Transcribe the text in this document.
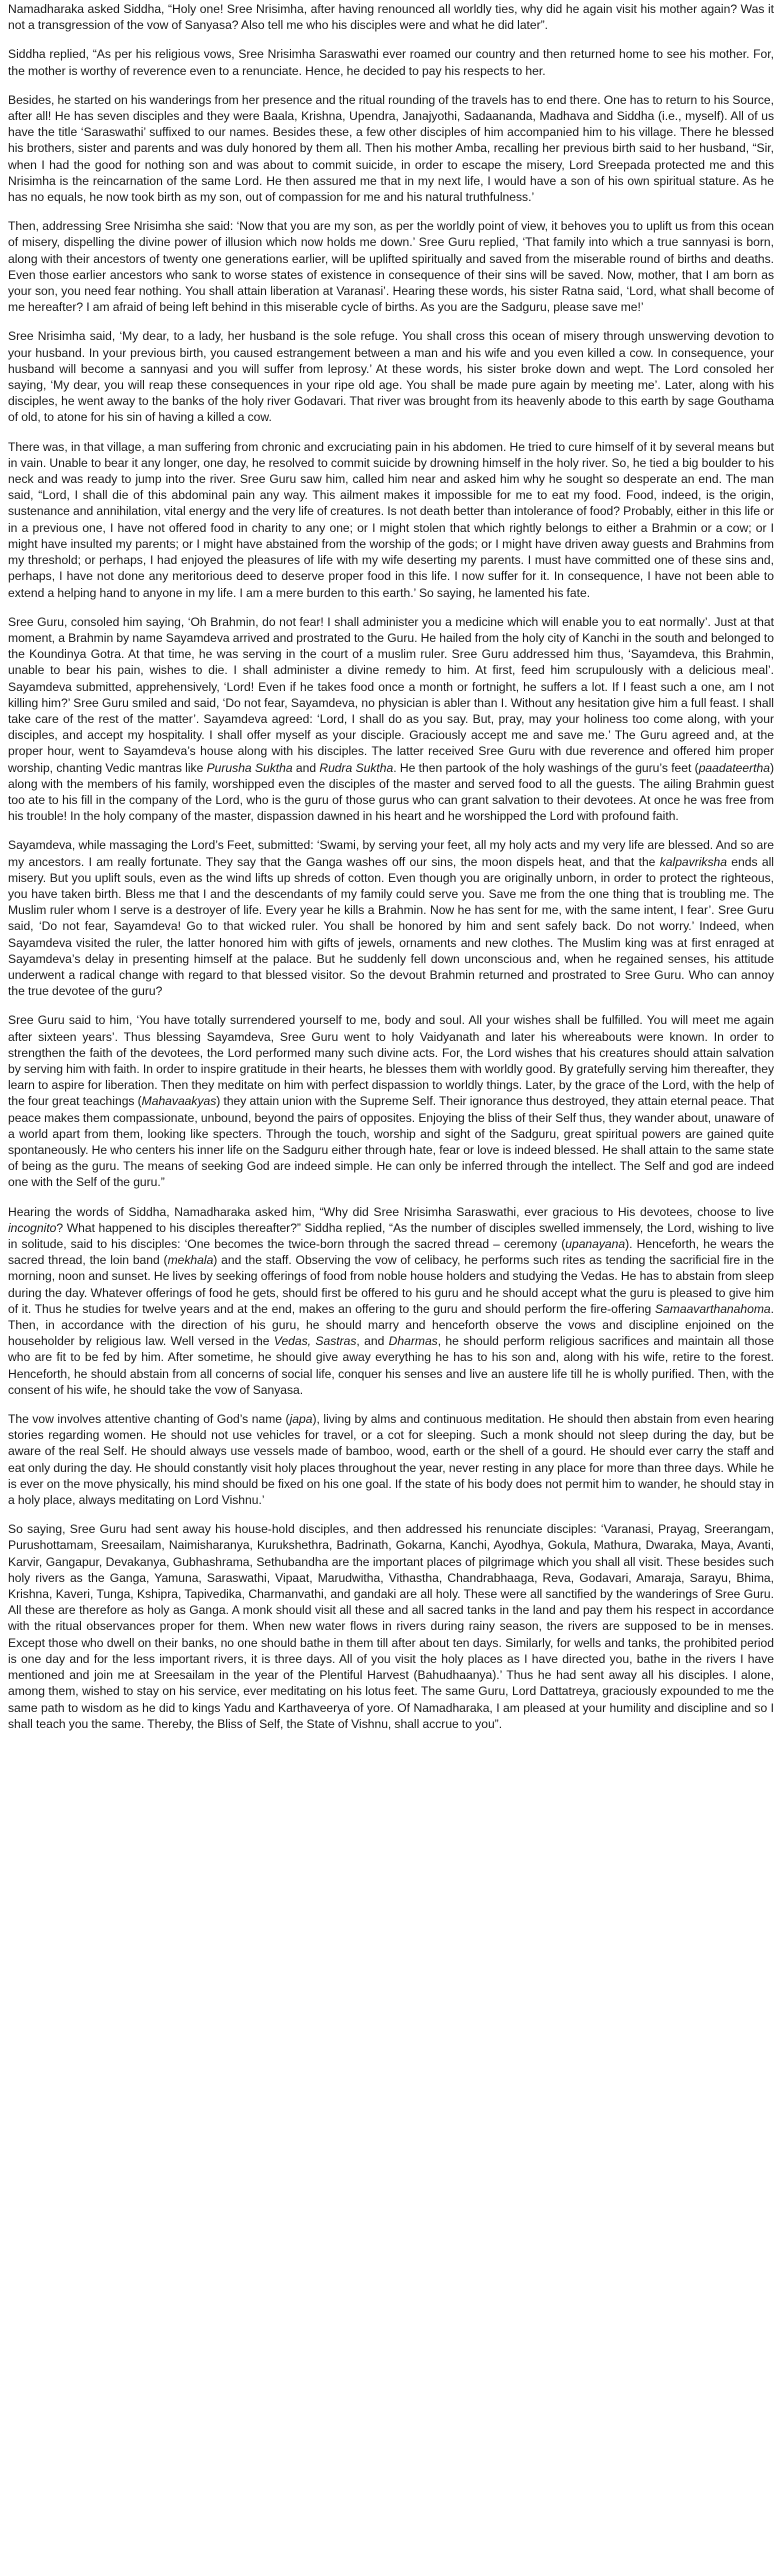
Namadharaka asked Siddha, “Holy one! Sree Nrisimha, after having renounced all worldly ties, why did he again visit his mother again? Was it not a transgression of the vow of Sanyasa? Also tell me who his disciples were and what he did later”.

Siddha replied, “As per his religious vows, Sree Nrisimha Saraswathi ever roamed our country and then returned home to see his mother. For, the mother is worthy of reverence even to a renunciate. Hence, he decided to pay his respects to her.

Besides, he started on his wanderings from her presence and the ritual rounding of the travels has to end there. One has to return to his Source, after all! He has seven disciples and they were Baala, Krishna, Upendra, Janajyothi, Sadaananda, Madhava and Siddha (i.e., myself). All of us have the title ‘Saraswathi’ suffixed to our names. Besides these, a few other disciples of him accompanied him to his village. There he blessed his brothers, sister and parents and was duly honored by them all. Then his mother Amba, recalling her previous birth said to her husband, “Sir, when I had the good for nothing son and was about to commit suicide, in order to escape the misery, Lord Sreepada protected me and this Nrisimha is the reincarnation of the same Lord. He then assured me that in my next life, I would have a son of his own spiritual stature. As he has no equals, he now took birth as my son, out of compassion for me and his natural truthfulness.’

Then, addressing Sree Nrisimha she said: ‘Now that you are my son, as per the worldly point of view, it behoves you to uplift us from this ocean of misery, dispelling the divine power of illusion which now holds me down.’ Sree Guru replied, ‘That family into which a true sannyasi is born, along with their ancestors of twenty one generations earlier, will be uplifted spiritually and saved from the miserable round of births and deaths. Even those earlier ancestors who sank to worse states of existence in consequence of their sins will be saved. Now, mother, that I am born as your son, you need fear nothing. You shall attain liberation at Varanasi’. Hearing these words, his sister Ratna said, ‘Lord, what shall become of me hereafter? I am afraid of being left behind in this miserable cycle of births. As you are the Sadguru, please save me!’

Sree Nrisimha said, ‘My dear, to a lady, her husband is the sole refuge. You shall cross this ocean of misery through unswerving devotion to your husband. In your previous birth, you caused estrangement between a man and his wife and you even killed a cow. In consequence, your husband will become a sannyasi and you will suffer from leprosy.’ At these words, his sister broke down and wept. The Lord consoled her saying, ‘My dear, you will reap these consequences in your ripe old age. You shall be made pure again by meeting me’. Later, along with his disciples, he went away to the banks of the holy river Godavari. That river was brought from its heavenly abode to this earth by sage Gouthama of old, to atone for his sin of having a killed a cow.

There was, in that village, a man suffering from chronic and excruciating pain in his abdomen. He tried to cure himself of it by several means but in vain. Unable to bear it any longer, one day, he resolved to commit suicide by drowning himself in the holy river. So, he tied a big boulder to his neck and was ready to jump into the river. Sree Guru saw him, called him near and asked him why he sought so desperate an end. The man said, “Lord, I shall die of this abdominal pain any way. This ailment makes it impossible for me to eat my food. Food, indeed, is the origin, sustenance and annihilation, vital energy and the very life of creatures. Is not death better than intolerance of food? Probably, either in this life or in a previous one, I have not offered food in charity to any one; or I might stolen that which rightly belongs to either a Brahmin or a cow; or I might have insulted my parents; or I might have abstained from the worship of the gods; or I might have driven away guests and Brahmins from my threshold; or perhaps, I had enjoyed the pleasures of life with my wife deserting my parents. I must have committed one of these sins and, perhaps, I have not done any meritorious deed to deserve proper food in this life. I now suffer for it. In consequence, I have not been able to extend a helping hand to anyone in my life. I am a mere burden to this earth.’ So saying, he lamented his fate.

Sree Guru, consoled him saying, ‘Oh Brahmin, do not fear! I shall administer you a medicine which will enable you to eat normally’. Just at that moment, a Brahmin by name Sayamdeva arrived and prostrated to the Guru. He hailed from the holy city of Kanchi in the south and belonged to the Koundinya Gotra. At that time, he was serving in the court of a muslim ruler. Sree Guru addressed him thus, ‘Sayamdeva, this Brahmin, unable to bear his pain, wishes to die. I shall administer a divine remedy to him. At first, feed him scrupulously with a delicious meal’. Sayamdeva submitted, apprehensively, ‘Lord! Even if he takes food once a month or fortnight, he suffers a lot. If I feast such a one, am I not killing him?’ Sree Guru smiled and said, ‘Do not fear, Sayamdeva, no physician is abler than I. Without any hesitation give him a full feast. I shall take care of the rest of the matter’. Sayamdeva agreed: ‘Lord, I shall do as you say. But, pray, may your holiness too come along, with your disciples, and accept my hospitality. I shall offer myself as your disciple. Graciously accept me and save me.’ The Guru agreed and, at the proper hour, went to Sayamdeva’s house along with his disciples. The latter received Sree Guru with due reverence and offered him proper worship, chanting Vedic mantras like Purusha Suktha and Rudra Suktha. He then partook of the holy washings of the guru’s feet (paadateertha) along with the members of his family, worshipped even the disciples of the master and served food to all the guests. The ailing Brahmin guest too ate to his fill in the company of the Lord, who is the guru of those gurus who can grant salvation to their devotees. At once he was free from his trouble! In the holy company of the master, dispassion dawned in his heart and he worshipped the Lord with profound faith.

Sayamdeva, while massaging the Lord’s Feet, submitted: ‘Swami, by serving your feet, all my holy acts and my very life are blessed. And so are my ancestors. I am really fortunate. They say that the Ganga washes off our sins, the moon dispels heat, and that the kalpavriksha ends all misery. But you uplift souls, even as the wind lifts up shreds of cotton. Even though you are originally unborn, in order to protect the righteous, you have taken birth. Bless me that I and the descendants of my family could serve you. Save me from the one thing that is troubling me. The Muslim ruler whom I serve is a destroyer of life. Every year he kills a Brahmin. Now he has sent for me, with the same intent, I fear’. Sree Guru said, ‘Do not fear, Sayamdeva! Go to that wicked ruler. You shall be honored by him and sent safely back. Do not worry.’ Indeed, when Sayamdeva visited the ruler, the latter honored him with gifts of jewels, ornaments and new clothes. The Muslim king was at first enraged at Sayamdeva’s delay in presenting himself at the palace. But he suddenly fell down unconscious and, when he regained senses, his attitude underwent a radical change with regard to that blessed visitor. So the devout Brahmin returned and prostrated to Sree Guru. Who can annoy the true devotee of the guru?

Sree Guru said to him, ‘You have totally surrendered yourself to me, body and soul. All your wishes shall be fulfilled. You will meet me again after sixteen years’. Thus blessing Sayamdeva, Sree Guru went to holy Vaidyanath and later his whereabouts were known. In order to strengthen the faith of the devotees, the Lord performed many such divine acts. For, the Lord wishes that his creatures should attain salvation by serving him with faith. In order to inspire gratitude in their hearts, he blesses them with worldly good. By gratefully serving him thereafter, they learn to aspire for liberation. Then they meditate on him with perfect dispassion to worldly things. Later, by the grace of the Lord, with the help of the four great teachings (Mahavaakyas) they attain union with the Supreme Self. Their ignorance thus destroyed, they attain eternal peace. That peace makes them compassionate, unbound, beyond the pairs of opposites. Enjoying the bliss of their Self thus, they wander about, unaware of a world apart from them, looking like specters. Through the touch, worship and sight of the Sadguru, great spiritual powers are gained quite spontaneously. He who centers his inner life on the Sadguru either through hate, fear or love is indeed blessed. He shall attain to the same state of being as the guru. The means of seeking God are indeed simple. He can only be inferred through the intellect. The Self and god are indeed one with the Self of the guru.”

Hearing the words of Siddha, Namadharaka asked him, “Why did Sree Nrisimha Saraswathi, ever gracious to His devotees, choose to live incognito? What happened to his disciples thereafter?” Siddha replied, “As the number of disciples swelled immensely, the Lord, wishing to live in solitude, said to his disciples: ‘One becomes the twice-born through the sacred thread – ceremony (upanayana). Henceforth, he wears the sacred thread, the loin band (mekhala) and the staff. Observing the vow of celibacy, he performs such rites as tending the sacrificial fire in the morning, noon and sunset. He lives by seeking offerings of food from noble house holders and studying the Vedas. He has to abstain from sleep during the day. Whatever offerings of food he gets, should first be offered to his guru and he should accept what the guru is pleased to give him of it. Thus he studies for twelve years and at the end, makes an offering to the guru and should perform the fire-offering Samaavarthanahoma. Then, in accordance with the direction of his guru, he should marry and henceforth observe the vows and discipline enjoined on the householder by religious law. Well versed in the Vedas, Sastras, and Dharmas, he should perform religious sacrifices and maintain all those who are fit to be fed by him. After sometime, he should give away everything he has to his son and, along with his wife, retire to the forest. Henceforth, he should abstain from all concerns of social life, conquer his senses and live an austere life till he is wholly purified. Then, with the consent of his wife, he should take the vow of Sanyasa.

The vow involves attentive chanting of God’s name (japa), living by alms and continuous meditation. He should then abstain from even hearing stories regarding women. He should not use vehicles for travel, or a cot for sleeping. Such a monk should not sleep during the day, but be aware of the real Self. He should always use vessels made of bamboo, wood, earth or the shell of a gourd. He should ever carry the staff and eat only during the day. He should constantly visit holy places throughout the year, never resting in any place for more than three days. While he is ever on the move physically, his mind should be fixed on his one goal. If the state of his body does not permit him to wander, he should stay in a holy place, always meditating on Lord Vishnu.’

So saying, Sree Guru had sent away his house-hold disciples, and then addressed his renunciate disciples: ‘Varanasi, Prayag, Sreerangam, Purushottamam, Sreesailam, Naimisharanya, Kurukshethra, Badrinath, Gokarna, Kanchi, Ayodhya, Gokula, Mathura, Dwaraka, Maya, Avanti, Karvir, Gangapur, Devakanya, Gubhashrama, Sethubandha are the important places of pilgrimage which you shall all visit. These besides such holy rivers as the Ganga, Yamuna, Saraswathi, Vipaat, Marudwitha, Vithastha, Chandrabhaaga, Reva, Godavari, Amaraja, Sarayu, Bhima, Krishna, Kaveri, Tunga, Kshipra, Tapivedika, Charmanvathi, and gandaki are all holy. These were all sanctified by the wanderings of Sree Guru. All these are therefore as holy as Ganga. A monk should visit all these and all sacred tanks in the land and pay them his respect in accordance with the ritual observances proper for them. When new water flows in rivers during rainy season, the rivers are supposed to be in menses. Except those who dwell on their banks, no one should bathe in them till after about ten days. Similarly, for wells and tanks, the prohibited period is one day and for the less important rivers, it is three days. All of you visit the holy places as I have directed you, bathe in the rivers I have mentioned and join me at Sreesailam in the year of the Plentiful Harvest (Bahudhaanya).’ Thus he had sent away all his disciples. I alone, among them, wished to stay on his service, ever meditating on his lotus feet. The same Guru, Lord Dattatreya, graciously expounded to me the same path to wisdom as he did to kings Yadu and Karthaveerya of yore. Of Namadharaka, I am pleased at your humility and discipline and so I shall teach you the same. Thereby, the Bliss of Self, the State of Vishnu, shall accrue to you”.
